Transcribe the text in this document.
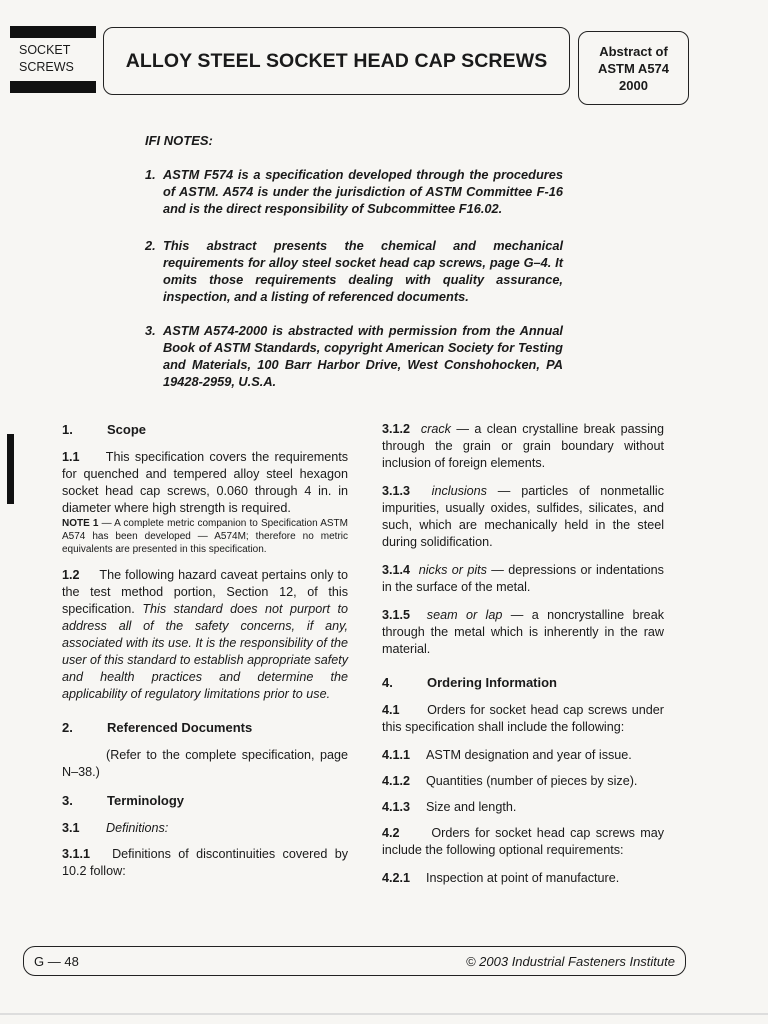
SOCKET
SCREWS	ALLOY STEEL SOCKET HEAD CAP SCREWS	Abstract of
ASTM A574
2000
IFI NOTES:
1. ASTM F574 is a specification developed through the procedures of ASTM. A574 is under the jurisdiction of ASTM Committee F-16 and is the direct responsibility of Subcommittee F16.02.
2. This abstract presents the chemical and mechanical requirements for alloy steel socket head cap screws, page G–4. It omits those requirements dealing with quality assurance, inspection, and a listing of referenced documents.
3. ASTM A574-2000 is abstracted with permission from the Annual Book of ASTM Standards, copyright American Society for Testing and Materials, 100 Barr Harbor Drive, West Conshohocken, PA 19428-2959, U.S.A.
1.	Scope
1.1 This specification covers the requirements for quenched and tempered alloy steel hexagon socket head cap screws, 0.060 through 4 in. in diameter where high strength is required.
NOTE 1 — A complete metric companion to Specification ASTM A574 has been developed — A574M; therefore no metric equivalents are presented in this specification.
1.2 The following hazard caveat pertains only to the test method portion, Section 12, of this specification. This standard does not purport to address all of the safety concerns, if any, associated with its use. It is the responsibility of the user of this standard to establish appropriate safety and health practices and determine the applicability of regulatory limitations prior to use.
2.	Referenced Documents
(Refer to the complete specification, page N–38.)
3.	Terminology
3.1	Definitions:
3.1.1 Definitions of discontinuities covered by 10.2 follow:
3.1.2 crack — a clean crystalline break passing through the grain or grain boundary without inclusion of foreign elements.
3.1.3 inclusions — particles of nonmetallic impurities, usually oxides, sulfides, silicates, and such, which are mechanically held in the steel during solidification.
3.1.4 nicks or pits — depressions or indentations in the surface of the metal.
3.1.5 seam or lap — a noncrystalline break through the metal which is inherently in the raw material.
4.	Ordering Information
4.1 Orders for socket head cap screws under this specification shall include the following:
4.1.1	ASTM designation and year of issue.
4.1.2	Quantities (number of pieces by size).
4.1.3	Size and length.
4.2	Orders for socket head cap screws may include the following optional requirements:
4.2.1	Inspection at point of manufacture.
G — 48	© 2003 Industrial Fasteners Institute
